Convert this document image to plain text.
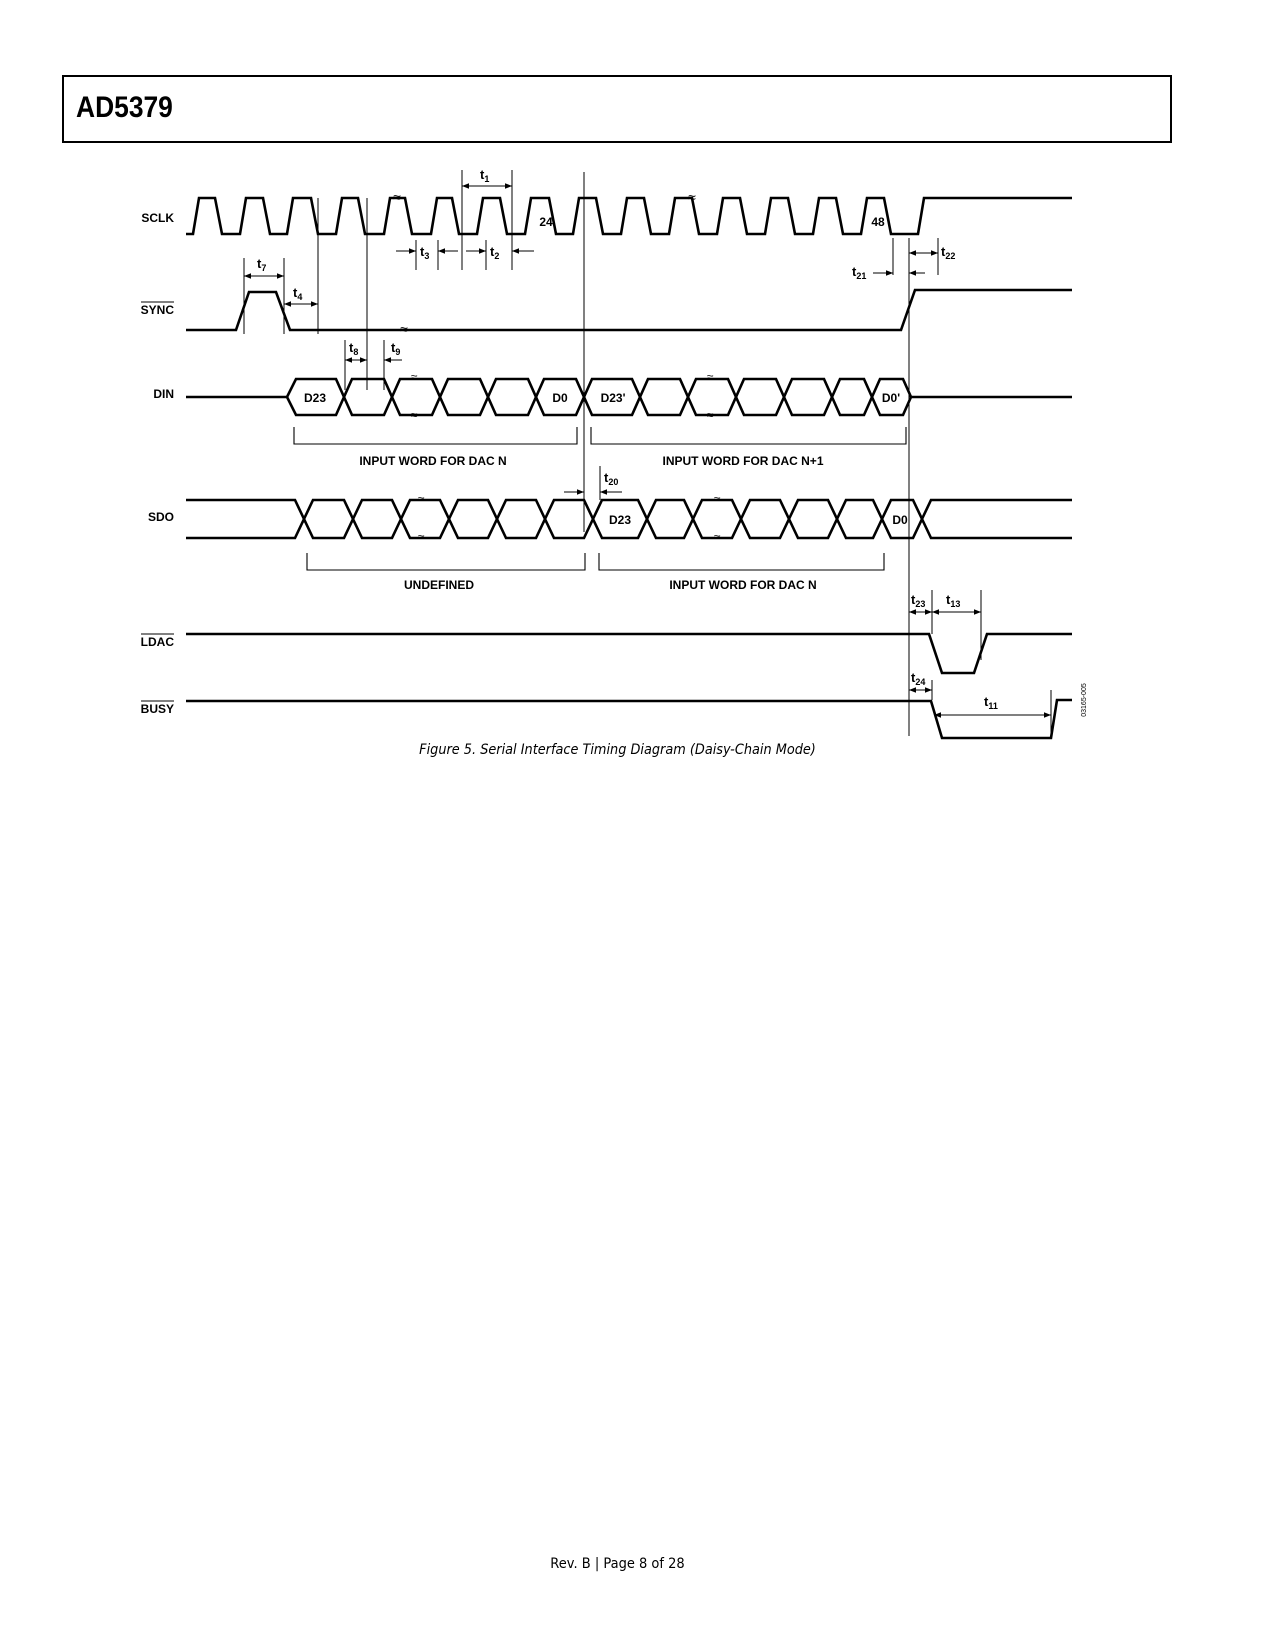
AD5379
SCLK
SYNC
DIN
SDO
LDAC
BUSY
≈	≈
24	48
≈
≈
≈
≈
≈
D23	D0	D23'	D0'
INPUT WORD FOR DAC N	INPUT WORD FOR DAC N+1
≈
≈
≈
≈
D23	D0
UNDEFINED	INPUT WORD FOR DAC N
$t_1$
$t_3$	$t_2$
$t_7$
$t_4$
$t_8$	$t_9$
$t_{20}$
$t_{21}$
$t_{22}$
$t_{23}$ $t_{13}$
$t_{24}$
$t_{11}$	03165-005
Figure 5. Serial Interface Timing Diagram (Daisy-Chain Mode)
Rev. B | Page 8 of 28
